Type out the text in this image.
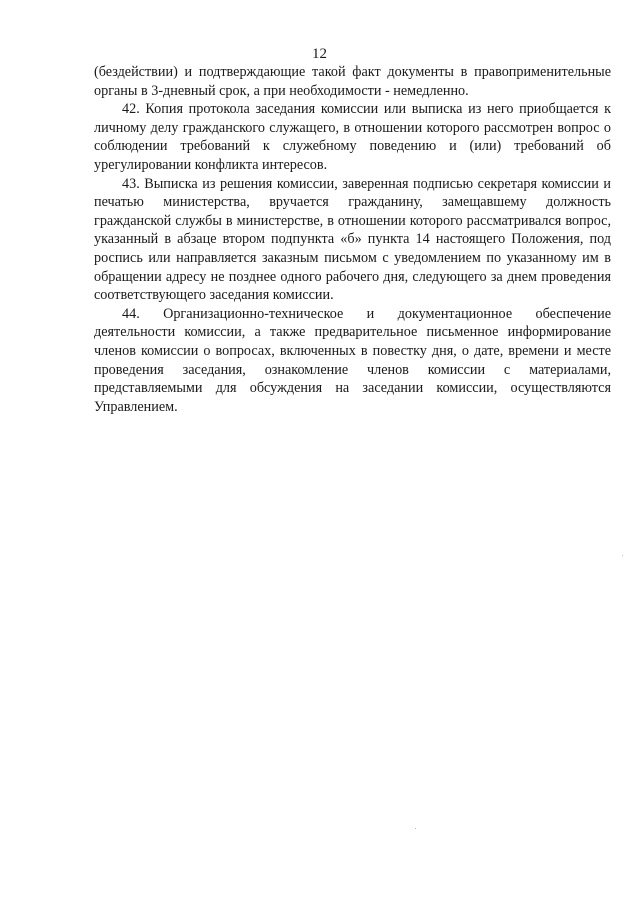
12

(бездействии) и подтверждающие такой факт документы в правоприменительные органы в 3-дневный срок, а при необходимости - немедленно.

42. Копия протокола заседания комиссии или выписка из него приобщается к личному делу гражданского служащего, в отношении которого рассмотрен вопрос о соблюдении требований к служебному поведению и (или) требований об урегулировании конфликта интересов.

43. Выписка из решения комиссии, заверенная подписью секретаря комиссии и печатью министерства, вручается гражданину, замещавшему должность гражданской службы в министерстве, в отношении которого рассматривался вопрос, указанный в абзаце втором подпункта «б» пункта 14 настоящего Положения, под роспись или направляется заказным письмом с уведомлением по указанному им в обращении адресу не позднее одного рабочего дня, следующего за днем проведения соответствующего заседания комиссии.

44. Организационно-техническое и документационное обеспечение деятельности комиссии, а также предварительное письменное информирование членов комиссии о вопросах, включенных в повестку дня, о дате, времени и месте проведения заседания, ознакомление членов комиссии с материалами, представляемыми для обсуждения на заседании комиссии, осуществляются Управлением.
